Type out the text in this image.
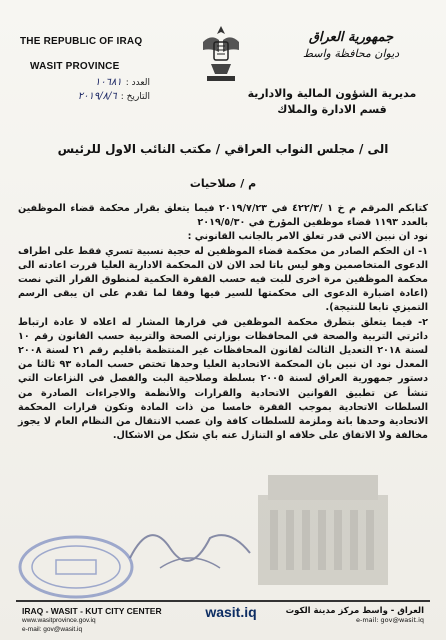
THE REPUBLIC OF IRAQ
WASIT PROVINCE
جمهورية العراق
ديوان محافظة واسط
العدد :
١٠٦٨١
التاريخ :
٢٠١٩/٨/٦	مديرية الشؤون المالية والادارية
قسم الادارة والملاك
الى / مجلس النواب العراقي / مكتب النائب الاول للرئيس
م / صلاحيات

كتابكم المرقم م خ ١ /٤٢٢/٣ في ٢٠١٩/٧/٢٣ فيما يتعلق بقرار محكمة قضاء الموظفين بالعدد ١١٩٣ قضاء موظفين المؤرخ في ٢٠١٩/٥/٣٠

نود ان نبين الاتي قدر تعلق الامر بالجانب القانوني :

١- ان الحكم الصادر من محكمة قضاء الموظفين له حجية نسبية تسري فقط على اطراف الدعوى المتخاصمين وهو ليس باتا لحد الان لان المحكمة الادارية العليا قررت اعادته الى محكمة الموظفين مرة اخرى للبت فيه حسب الفقرة الحكمية لمنطوق القرار التي نصت (اعادة اضبارة الدعوى الى محكمتها للسير فيها وفقا لما تقدم على ان يبقى الرسم التميزي تابعا للنتيجة).

٢- فيما يتعلق بتطرق محكمة الموظفين في قرارها المشار له اعلاه لا عادة ارتباط دائرتي التربية والصحة في المحافظات بوزارتي الصحة والتربية حسب القانون رقم ١٠ لسنة ٢٠١٨ التعديل الثالث لقانون المحافظات غير المنتظمة باقليم رقم ٢١ لسنة ٢٠٠٨ المعدل نود ان نبين بان المحكمة الاتحادية العليا وحدها تختص حسب المادة ٩٣ ثالثا من دستور جمهورية العراق لسنة ٢٠٠٥ بسلطة وصلاحية البت والفصل في النزاعات التي تنشأ عن تطبيق القوانين الاتحادية والقرارات والأنظمة والاجراءات الصادرة من السلطات الاتحادية بموجب الفقرة خامسا من ذات المادة وتكون قرارات المحكمة الاتحادية وحدها باتة وملزمة للسلطات كافة وان عصب الانتقال من النظام العام لا يجوز مخالفة ولا الاتفاق على خلافه او التنازل عنه باي شكل من الاشكال.

IRAQ - WASIT - KUT CITY CENTER
www.wasitprovince.gov.iq
e-mail: gov@wasit.iq
wasit.iq	العراق - واسط مركز مدينة الكوت
e-mail: gov@wasit.iq
